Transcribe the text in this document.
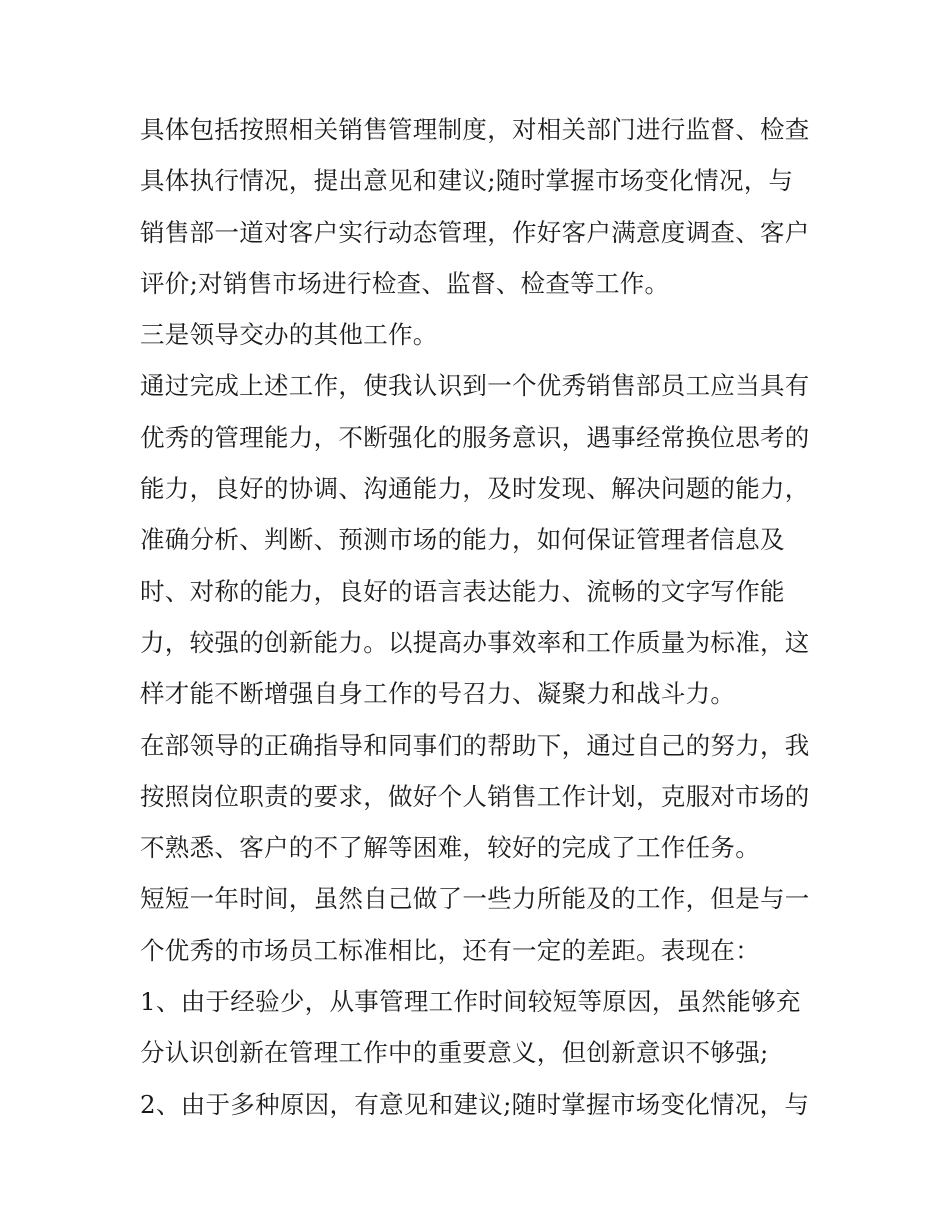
具体包括按照相关销售管理制度，对相关部门进行监督、检查
具体执行情况，提出意见和建议;随时掌握市场变化情况，与
销售部一道对客户实行动态管理，作好客户满意度调查、客户
评价;对销售市场进行检查、监督、检查等工作。
三是领导交办的其他工作。
通过完成上述工作，使我认识到一个优秀销售部员工应当具有
优秀的管理能力，不断强化的服务意识，遇事经常换位思考的
能力，良好的协调、沟通能力，及时发现、解决问题的能力，
准确分析、判断、预测市场的能力，如何保证管理者信息及
时、对称的能力，良好的语言表达能力、流畅的文字写作能
力，较强的创新能力。以提高办事效率和工作质量为标准，这
样才能不断增强自身工作的号召力、凝聚力和战斗力。
在部领导的正确指导和同事们的帮助下，通过自己的努力，我
按照岗位职责的要求，做好个人销售工作计划，克服对市场的
不熟悉、客户的不了解等困难，较好的完成了工作任务。
短短一年时间，虽然自己做了一些力所能及的工作，但是与一
个优秀的市场员工标准相比，还有一定的差距。表现在：
1、由于经验少，从事管理工作时间较短等原因，虽然能够充
分认识创新在管理工作中的重要意义，但创新意识不够强;
2、由于多种原因，有意见和建议;随时掌握市场变化情况，与
